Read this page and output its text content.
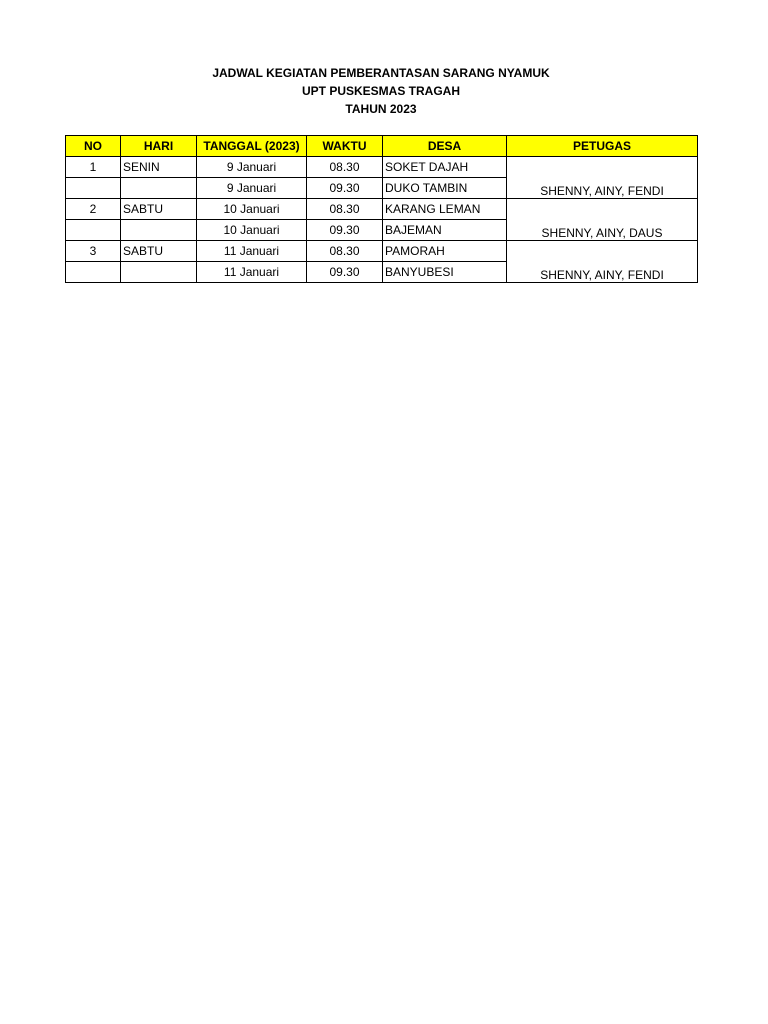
JADWAL KEGIATAN PEMBERANTASAN SARANG NYAMUK
UPT PUSKESMAS TRAGAH
TAHUN 2023
NO	HARI	TANGGAL (2023)	WAKTU	DESA	PETUGAS
1	SENIN	9 Januari	08.30	SOKET DAJAH	SHENNY, AINY, FENDI
		9 Januari	09.30	DUKO TAMBIN	
2	SABTU	10 Januari	08.30	KARANG LEMAN	SHENNY, AINY, DAUS
		10 Januari	09.30	BAJEMAN	
3	SABTU	11 Januari	08.30	PAMORAH	SHENNY, AINY, FENDI
		11 Januari	09.30	BANYUBESI	
